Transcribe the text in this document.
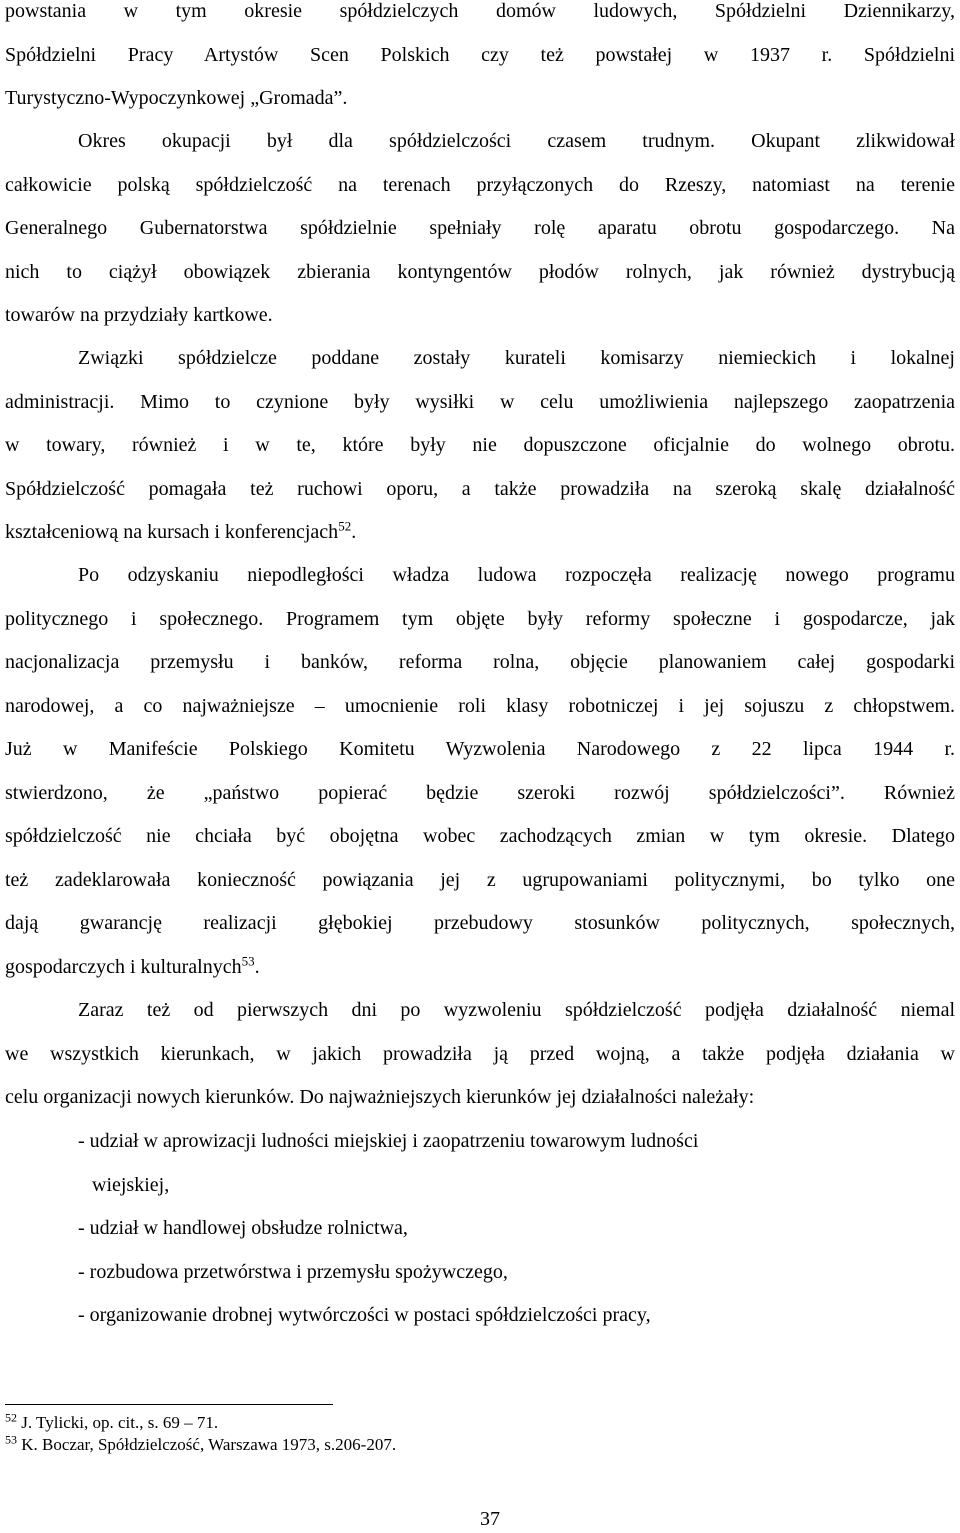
powstania w tym okresie spółdzielczych domów ludowych, Spółdzielni Dziennikarzy,
Spółdzielni Pracy Artystów Scen Polskich czy też powstałej w 1937 r. Spółdzielni
Turystyczno-Wypoczynkowej „Gromada”.

Okres okupacji był dla spółdzielczości czasem trudnym. Okupant zlikwidował
całkowicie polską spółdzielczość na terenach przyłączonych do Rzeszy, natomiast na terenie
Generalnego Gubernatorstwa spółdzielnie spełniały rolę aparatu obrotu gospodarczego. Na
nich to ciążył obowiązek zbierania kontyngentów płodów rolnych, jak również dystrybucją
towarów na przydziały kartkowe.

Związki spółdzielcze poddane zostały kurateli komisarzy niemieckich i lokalnej
administracji. Mimo to czynione były wysiłki w celu umożliwienia najlepszego zaopatrzenia
w towary, również i w te, które były nie dopuszczone oficjalnie do wolnego obrotu.
Spółdzielczość pomagała też ruchowi oporu, a także prowadziła na szeroką skalę działalność
kształceniową na kursach i konferencjach$^{52}$.

Po odzyskaniu niepodległości władza ludowa rozpoczęła realizację nowego programu
politycznego i społecznego. Programem tym objęte były reformy społeczne i gospodarcze, jak
nacjonalizacja przemysłu i banków, reforma rolna, objęcie planowaniem całej gospodarki
narodowej, a co najważniejsze – umocnienie roli klasy robotniczej i jej sojuszu z chłopstwem.
Już w Manifeście Polskiego Komitetu Wyzwolenia Narodowego z 22 lipca 1944 r.
stwierdzono, że „państwo popierać będzie szeroki rozwój spółdzielczości”. Również
spółdzielczość nie chciała być obojętna wobec zachodzących zmian w tym okresie. Dlatego
też zadeklarowała konieczność powiązania jej z ugrupowaniami politycznymi, bo tylko one
dają gwarancję realizacji głębokiej przebudowy stosunków politycznych, społecznych,
gospodarczych i kulturalnych$^{53}$.

Zaraz też od pierwszych dni po wyzwoleniu spółdzielczość podjęła działalność niemal
we wszystkich kierunkach, w jakich prowadziła ją przed wojną, a także podjęła działania w
celu organizacji nowych kierunków. Do najważniejszych kierunków jej działalności należały:

- udział w aprowizacji ludności miejskiej i zaopatrzeniu towarowym ludności
wiejskiej,
- udział w handlowej obsłudze rolnictwa,
- rozbudowa przetwórstwa i przemysłu spożywczego,
- organizowanie drobnej wytwórczości w postaci spółdzielczości pracy,
$^{52}$ J. Tylicki, op. cit., s. 69 – 71.
$^{53}$ K. Boczar, Spółdzielczość, Warszawa 1973, s.206-207.
37
